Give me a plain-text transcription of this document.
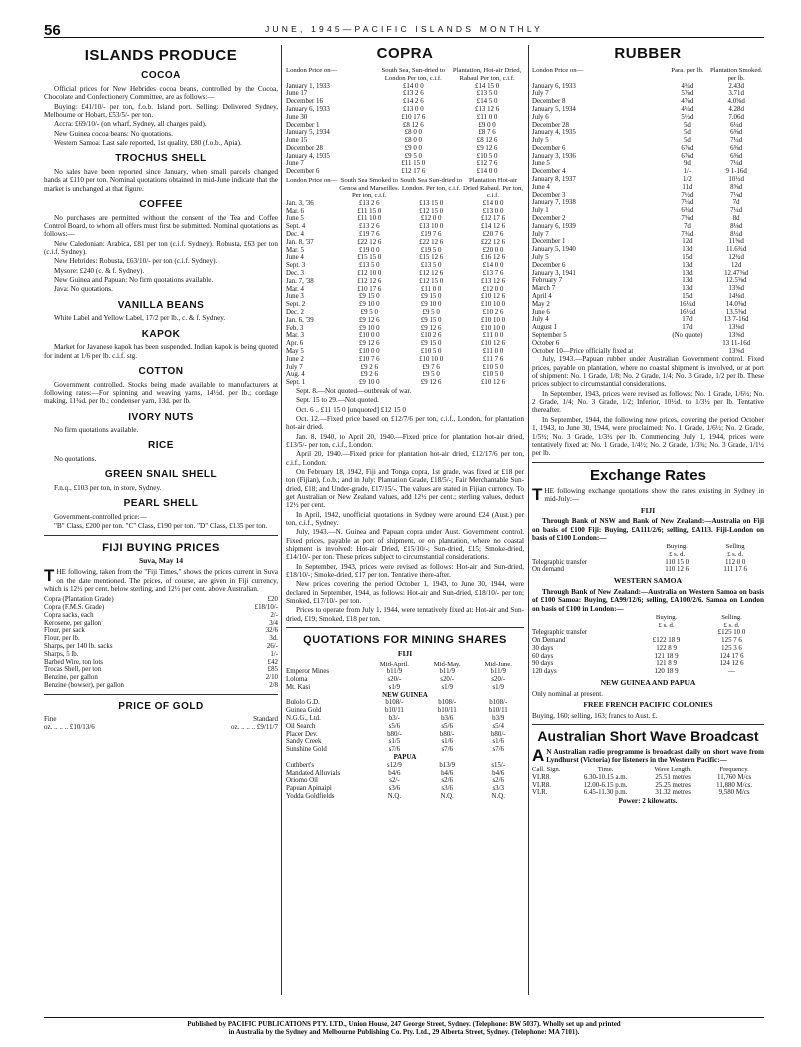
56	JUNE, 1945—PACIFIC ISLANDS MONTHLY
ISLANDS PRODUCE
COCOA

Official prices for New Hebrides cocoa beans, controlled by the Cocoa, Chocolate and Confectionery Committee, are as follows:—

Buying: £41/10/- per ton, f.o.b. Island port. Selling: Delivered Sydney, Melbourne or Hobart, £53/5/- per ton.

Accra: £69/10/- (on wharf, Sydney, all charges paid).

New Guinea cocoa beans: No quotations.

Western Samoa: Last sale reported, 1st quality, £80 (f.o.b., Apia).

TROCHUS SHELL

No sales have been reported since January, when small parcels changed hands at £110 per ton. Nominal quotations obtained in mid-June indicate that the market is unchanged at that figure.

COFFEE

No purchases are permitted without the consent of the Tea and Coffee Control Board, to whom all offers must first be submitted. Nominal quotations as follows:—

New Caledonian: Arabica, £81 per ton (c.i.f. Sydney). Robusta, £63 per ton (c.i.f. Sydney).

New Hebrides: Robusta, £63/10/- per ton (c.i.f. Sydney).

Mysore: £240 (c. & f. Sydney).

New Guinea and Papuan: No firm quotations available.

Java: No quotations.

VANILLA BEANS

White Label and Yellow Label, 17/2 per lb., c. & f. Sydney.

KAPOK

Market for Javanese kapok has been suspended. Indian kapok is being quoted for indent at 1/6 per lb. c.i.f. stg.

COTTON

Government controlled. Stocks being made available to manufacturers at following rates:—For spinning and weaving yarns, 14½d. per lb.; cordage making, 11¾d. per lb.; condenser yarn, 13d. per lb.

IVORY NUTS

No firm quotations available.

RICE

No quotations.

GREEN SNAIL SHELL

F.n.q., £103 per ton, in store, Sydney.

PEARL SHELL

Government-controlled price:—

"B" Class, £200 per ton. "C" Class, £190 per ton. "D" Class, £135 per ton.

FIJI BUYING PRICES
Suva, May 14

THE following, taken from the "Fiji Times," shows the prices current in Suva on the date mentioned. The prices, of course, are given in Fiji currency, which is 12½ per cent. below sterling, and 12½ per cent. above Australian.

Copra (Plantation Grade)	£20
Copra (F.M.S. Grade)	£18/10/-
Copra sacks, each	2/-
Kerosene, per gallon	3/4
Flour, per sack	32/6
Flour, per lb.	3d.
Sharps, per 140 lb. sacks	26/-
Sharps, 5 lb.	1/-
Barbed Wire, ton lots	£42
Trocas Shell, per ton	£85
Benzine, per gallon	2/10
Benzine (bowser), per gallon	2/8
PRICE OF GOLD
Fine	Standard
oz. .. .. .. £10/13/6	oz. .. .. .. £9/11/7
COPRA
London Price on—	South Sea, Sun-dried to London Per ton, c.i.f.	Plantation, Hot-air Dried, Rabaul Per ton, c.i.f.
January 1, 1933	£14 0 0	£14 15 0
June 17	£13 2 6	£13 5 0
December 16	£14 2 6	£14 5 0
January 6, 1933	£13 0 0	£13 12 6
June 30	£10 17 6	£11 0 0
December 1	£8 12 6	£9 0 0
January 5, 1934	£8 0 0	£8 7 6
June 15	£8 0 0	£8 12 6
December 28	£9 0 0	£9 12 6
January 4, 1935	£9 5 0	£10 5 0
June 7	£11 15 0	£12 7 6
December 6	£12 17 6	£14 0 0
London Price on—	South Sea Smoked to Genoa and Marseilles. Per ton, c.i.f.	South Sea Sun-dried to London. Per ton, c.i.f.	Plantation Hot-air Dried Rabaul. Per ton, c.i.f.
Jan. 3, '36	£13 2 6	£13 15 0	£14 0 0
Mar. 6	£11 15 0	£12 15 0	£13 0 0
June 5	£11 10 0	£12 0 0	£12 17 6
Sept. 4	£13 2 6	£13 10 0	£14 12 6
Dec. 4	£19 7 6	£19 7 6	£20 7 6
Jan. 8, '37	£22 12 6	£22 12 6	£22 12 6
Mar. 5	£19 0 0	£19 5 0	£20 0 0
June 4	£15 15 0	£15 12 6	£16 12 6
Sept. 3	£13 5 0	£13 5 0	£14 0 0
Dec. 3	£12 10 0	£12 12 6	£13 7 6
Jan. 7, '38	£12 12 6	£12 15 0	£13 12 6
Mar. 4	£10 17 6	£11 0 0	£12 0 0
June 3	£9 15 0	£9 15 0	£10 12 6
Sept. 2	£9 10 0	£9 10 0	£10 10 0
Dec. 2	£9 5 0	£9 5 0	£10 2 6
Jan. 6, '39	£9 12 6	£9 15 0	£10 10 0
Feb. 3	£9 10 0	£9 12 6	£10 10 0
Mar. 3	£10 0 0	£10 2 6	£11 0 0
Apr. 6	£9 12 6	£9 15 0	£10 12 6
May 5	£10 0 0	£10 5 0	£11 0 0
June 2	£10 7 6	£10 10 0	£11 7 6
July 7	£9 2 6	£9 7 6	£10 5 0
Aug. 4	£9 2 6	£9 5 0	£10 5 0
Sept. 1	£9 10 0	£9 12 6	£10 12 6

Sept. 8.—Not quoted—outbreak of war.

Sept. 15 to 29.—Not quoted.

Oct. 6 .. £11 15 0 [unquoted] £12 15 0

Oct. 12.—Fixed price based on £12/7/6 per ton, c.i.f., London, for plantation hot-air dried.

Jan. 8, 1940, to April 20, 1940.—Fixed price for plantation hot-air dried, £13/5/- per ton, c.i.f., London.

April 20, 1940.—Fixed price for plantation hot-air dried, £12/17/6 per ton, c.i.f., London.

On February 18, 1942, Fiji and Tonga copra, 1st grade, was fixed at £18 per ton (Fijian), f.o.b.; and in July: Plantation Grade, £18/5/-; Fair Merchantable Sun-dried, £18; and Under-grade, £17/15/-. The values are stated in Fijian currency. To get Australian or New Zealand values, add 12½ per cent.; sterling values, deduct 12½ per cent.

In April, 1942, unofficial quotations in Sydney were around £24 (Aust.) per ton, c.i.f., Sydney.

July, 1943.—N. Guinea and Papuan copra under Aust. Government control. Fixed prices, payable at port of shipment, or on plantation, where no coastal shipment is involved: Hot-air Dried, £15/10/-; Sun-dried, £15; Smoke-dried, £14/10/- per ton. These prices subject to circumstantial considerations.

In September, 1943, prices were revised as follows: Hot-air and Sun-dried, £18/10/-; Smoke-dried, £17 per ton. Tentative there-after.

New prices covering the period October 1, 1943, to June 30, 1944, were declared in September, 1944, as follows: Hot-air and Sun-dried, £18/10/- per ton; Smoked, £17/10/- per ton.

Prices to operate from July 1, 1944, were tentatively fixed at: Hot-air and Sun-dried, £19; Smoked, £18 per ton.

QUOTATIONS FOR MINING SHARES
FIJI
	Mid-April.	Mid-May.	Mid-June.
Emperor Mines	b11/9	b11/9	b11/9
Loloma	s20/-	s20/-	s20/-
Mt. Kasi	s1/9	s1/9	s1/9
NEW GUINEA			
Bulolo G.D.	b108/-	b108/-	b108/-
Guinea Gold	b10/11	b10/11	b10/11
N.G.G., Ltd.	b3/-	b3/6	b3/9
Oil Search	s5/6	s5/6	s5/4
Placer Dev.	b80/-	b80/-	b80/-
Sandy Creek	s1/5	s1/6	s1/6
Sunshine Gold	s7/6	s7/6	s7/6
PAPUA			
Cuthbert's	s12/9	b13/9	s15/-
Mandated Alluvials	b4/6	b4/6	b4/6
Oriomo Oil	s2/-	s2/6	s2/6
Papuan Apinaipi	s3/6	s3/6	s3/3
Yodda Goldfields	N.Q.	N.Q.	N.Q.
RUBBER
London Price on—	Para. per lb.	Plantation Smoked. per lb.
January 6, 1933	4¾d	2.43d
July 7	5⅞d	3.71d
December 8	4⅞d	4.0⅝d
January 5, 1934	4¼d	4.28d
July 6	5½d	7.06d
December 28	5d	6¼d
January 4, 1935	5d	6⅝d
July 5	5d	7¼d
December 6	6⅞d	6⅝d
January 3, 1936	6⅞d	6⅝d
June 5	9d	7¼d
December 4	1/-	9 1-16d
January 8, 1937	1/2	10½d
June 4	11d	8⅝d
December 3	7½d	7⅛d
January 7, 1938	7¼d	7d
July 1	6¾d	7¼d
December 2	7⅝d	8d
January 6, 1939	7d	8⅛d
July 7	7¾d	8¼d
December 1	12d	11⅝d
January 5, 1940	13d	11.6¾d
July 5	15d	12¾d
December 6	13d	12d
January 3, 1941	13d	12.47⅝d
February 7	13d	12.5⅝d
March 7	13d	13⅝d
April 4	15d	14⅛d
May 2	16¼d	14.0⅝d
June 6	16½d	13.5⅝d
July 4	17d	13 7-16d
August 1	17d	13⅛d
September 5	(No quote)	13⅝d
October 6		13 11-16d
October 10—Price officially fixed at		13⅝d

July, 1943.—Papuan rubber under Australian Government control. Fixed prices, payable on plantation, where no coastal shipment is involved, or at port of shipment: No. 1 Grade, 1/8; No. 2 Grade, 1/4; No. 3 Grade, 1/2 per lb. These prices subject to circumstantial considerations.

In September, 1943, prices were revised as follows: No. 1 Grade, 1/6½; No. 2 Grade, 1/4; No. 3 Grade, 1/2; Inferior, 10½d. to 1/3½ per lb. Tentative thereafter.

In September, 1944, the following new prices, covering the period October 1, 1943, to June 30, 1944, were proclaimed: No. 1 Grade, 1/6½; No. 2 Grade, 1/5½; No. 3 Grade, 1/3½ per lb. Commencing July 1, 1944, prices were tentatively fixed at: No. 1 Grade, 1/4½; No. 2 Grade, 1/3¾; No. 3 Grade, 1/1½ per lb.

Exchange Rates

THE following exchange quotations show the rates existing in Sydney in mid-July:—

FIJI

Through Bank of NSW and Bank of New Zealand:—Australia on Fiji on basis of £100 Fiji: Buying, £A111/2/6; selling, £A113. Fiji-London on basis of £100 London:—

	Buying.	Selling
	£ s. d.	£ s. d.
Telegraphic transfer	110 15 0	112 0 0
On demand	110 12 6	111 17 6
WESTERN SAMOA

Through Bank of New Zealand:—Australia on Western Samoa on basis of £100 Samoa: Buying, £A99/12/6; selling, £A100/2/6. Samoa on London on basis of £100 in London:—

	Buying.	Selling.
	£ s. d.	£ s. d.
Telegraphic transfer		£125 10 0
On Demand	£122 18 9	125 7 6
30 days	122 8 9	125 3 6
60 days	121 18 9	124 17 6
90 days	121 8 9	124 12 6
120 days	120 18 9	—
NEW GUINEA AND PAPUA

Only nominal at present.

FREE FRENCH PACIFIC COLONIES

Buying, 160; selling, 163; francs to Aust. £.

Australian Short Wave Broadcast

A N Australian radio programme is broadcast daily on short wave from Lyndhurst (Victoria) for listeners in the Western Pacific:—

Call. Sign.	Time.	Wave Length.	Frequency.
VLR8.	6.30-10.15 a.m.	25.51 metres	11,760 M/cs
VLR8.	12.00-6.15 p.m.	25.25 metres	11,880 M/cs.
VLR.	6.45-11.30 p.m.	31.32 metres	9,580 M/cs
Power: 2 kilowatts.
Published by PACIFIC PUBLICATIONS PTY. LTD., Union House, 247 George Street, Sydney. (Telephone: BW 5037). Wholly set up and printed
in Australia by the Sydney and Melbourne Publishing Co. Pty. Ltd., 29 Alberta Street, Sydney. (Telephone: MA 7101).
